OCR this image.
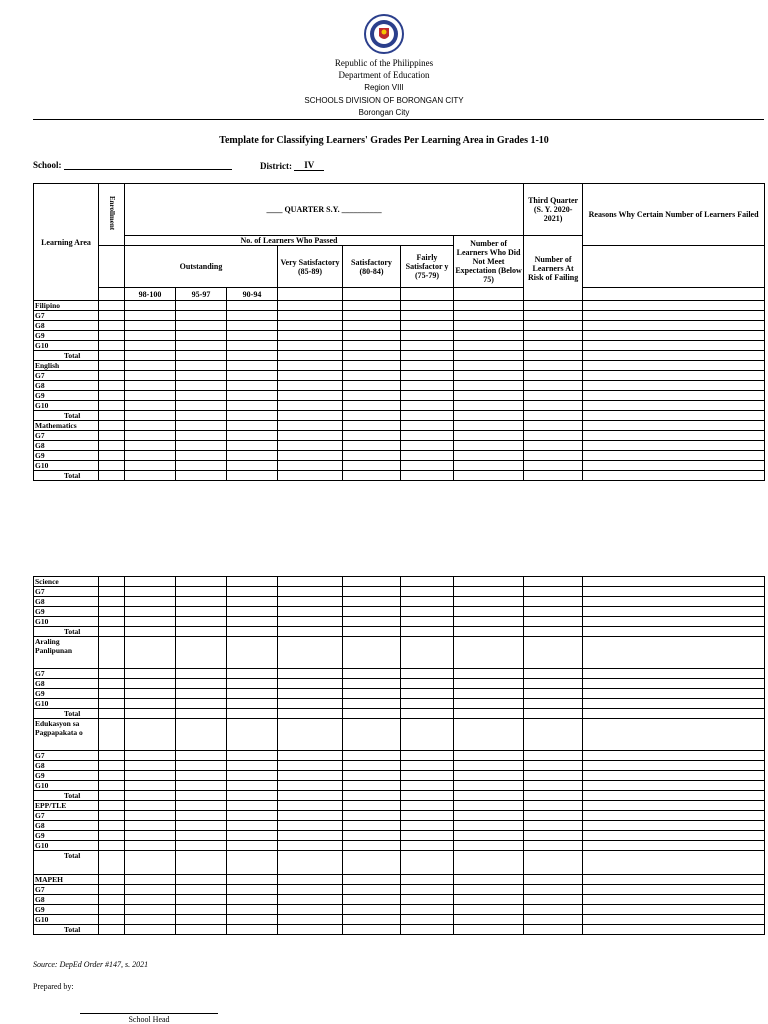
Republic of the Philippines
Department of Education
Region VIII
SCHOOLS DIVISION OF BORONGAN CITY
Borongan City
Template for Classifying Learners' Grades Per Learning Area in Grades 1-10
School:	District: IV
Learning Area	Enrollment	____ QUARTER S.Y. __________							Third Quarter (S. Y. 2020-2021)	Reasons Why Certain Number of Learners Failed
		No. of Learners Who Passed						Number of Learners Who Did Not Meet Expectation (Below 75)	Number of Learners At Risk of Failing	
		Outstanding			Very Satisfactory (85-89)	Satisfactory (80-84)	Fairly Satisfactor y (75-79)			
		98-100	95-97	90-94						
Filipino										
G7										
G8										
G9										
G10										
Total										
English										
G7										
G8										
G9										
G10										
Total										
Mathematics										
G7										
G8										
G9										
G10										
Total										
Science										
G7										
G8										
G9										
G10										
Total										
Araling Panlipunan										
G7										
G8										
G9										
G10										
Total										
Edukasyon sa Pagpapakata o										
G7										
G8										
G9										
G10										
Total										
EPP/TLE										
G7										
G8										
G9										
G10										
Total										
MAPEH										
G7										
G8										
G9										
G10										
Total										
Source: DepEd Order #147, s. 2021
Prepared by:
School Head
